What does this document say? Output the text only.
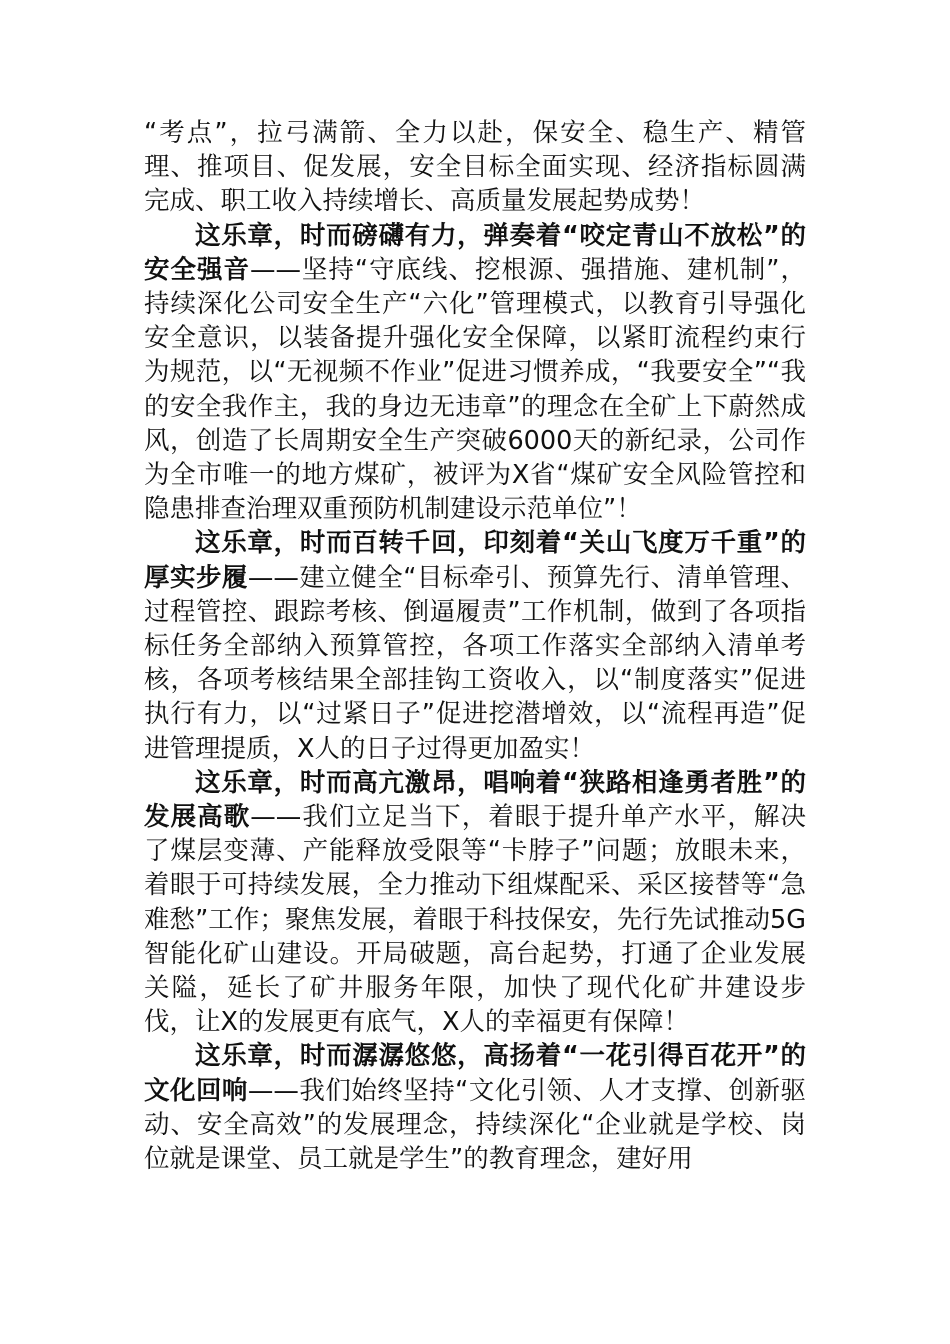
“考点”，拉弓满箭、全力以赴，保安全、稳生产、精管理、推项目、促发展，安全目标全面实现、经济指标圆满完成、职工收入持续增长、高质量发展起势成势！

这乐章，时而磅礴有力，弹奏着“咬定青山不放松”的安全强音——坚持“守底线、挖根源、强措施、建机制”，持续深化公司安全生产“六化”管理模式，以教育引导强化安全意识，以装备提升强化安全保障，以紧盯流程约束行为规范，以“无视频不作业”促进习惯养成，“我要安全”“我的安全我作主，我的身边无违章”的理念在全矿上下蔚然成风，创造了长周期安全生产突破6000天的新纪录，公司作为全市唯一的地方煤矿，被评为X省“煤矿安全风险管控和隐患排查治理双重预防机制建设示范单位”！

这乐章，时而百转千回，印刻着“关山飞度万千重”的厚实步履——建立健全“目标牵引、预算先行、清单管理、过程管控、跟踪考核、倒逼履责”工作机制，做到了各项指标任务全部纳入预算管控，各项工作落实全部纳入清单考核，各项考核结果全部挂钩工资收入，以“制度落实”促进执行有力，以“过紧日子”促进挖潜增效，以“流程再造”促进管理提质，X人的日子过得更加盈实！

这乐章，时而高亢激昂，唱响着“狭路相逢勇者胜”的发展高歌——我们立足当下，着眼于提升单产水平，解决了煤层变薄、产能释放受限等“卡脖子”问题；放眼未来，着眼于可持续发展，全力推动下组煤配采、采区接替等“急难愁”工作；聚焦发展，着眼于科技保安，先行先试推动5G智能化矿山建设。开局破题，高台起势，打通了企业发展关隘，延长了矿井服务年限，加快了现代化矿井建设步伐，让X的发展更有底气，X人的幸福更有保障！

这乐章，时而潺潺悠悠，高扬着“一花引得百花开”的文化回响——我们始终坚持“文化引领、人才支撑、创新驱动、安全高效”的发展理念，持续深化“企业就是学校、岗位就是课堂、员工就是学生”的教育理念，建好用
